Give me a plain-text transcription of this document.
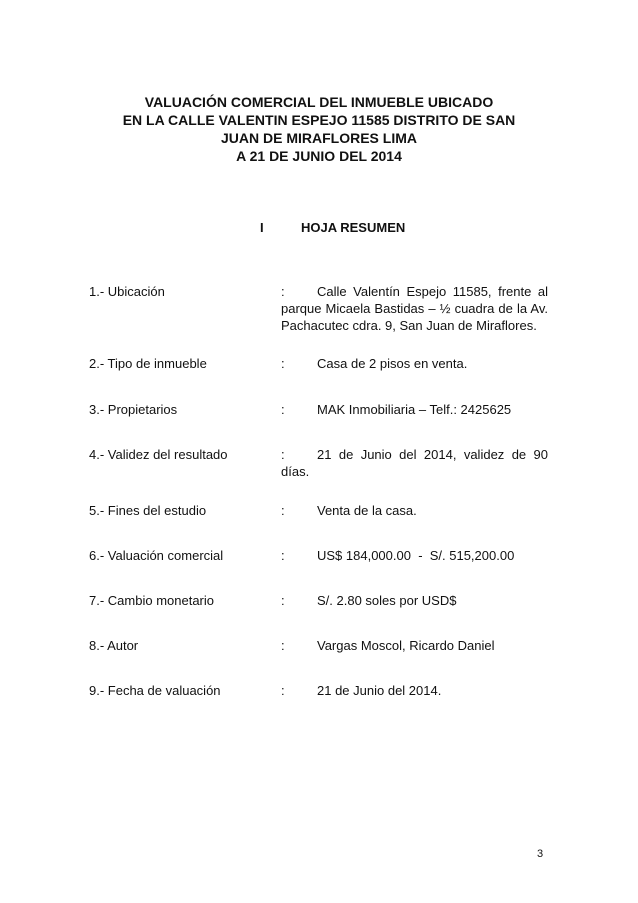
VALUACIÓN COMERCIAL DEL INMUEBLE UBICADO
EN LA CALLE VALENTIN ESPEJO 11585 DISTRITO DE SAN
JUAN DE MIRAFLORES LIMA
A 21 DE JUNIO DEL 2014
I	HOJA RESUMEN
1.- Ubicación	: Calle Valentín Espejo 11585, frente al parque Micaela Bastidas – ½ cuadra de la Av. Pachacutec cdra. 9, San Juan de Miraflores.
2.- Tipo de inmueble	: Casa de 2 pisos en venta.
3.- Propietarios	: MAK Inmobiliaria – Telf.: 2425625
4.- Validez del resultado	: 21 de Junio del 2014, validez de 90 días.
5.- Fines del estudio	: Venta de la casa.
6.- Valuación comercial	: US$ 184,000.00  -  S/. 515,200.00
7.- Cambio monetario	: S/. 2.80 soles por USD$
8.- Autor	: Vargas Moscol, Ricardo Daniel
9.- Fecha de valuación	: 21 de Junio del 2014.
3
